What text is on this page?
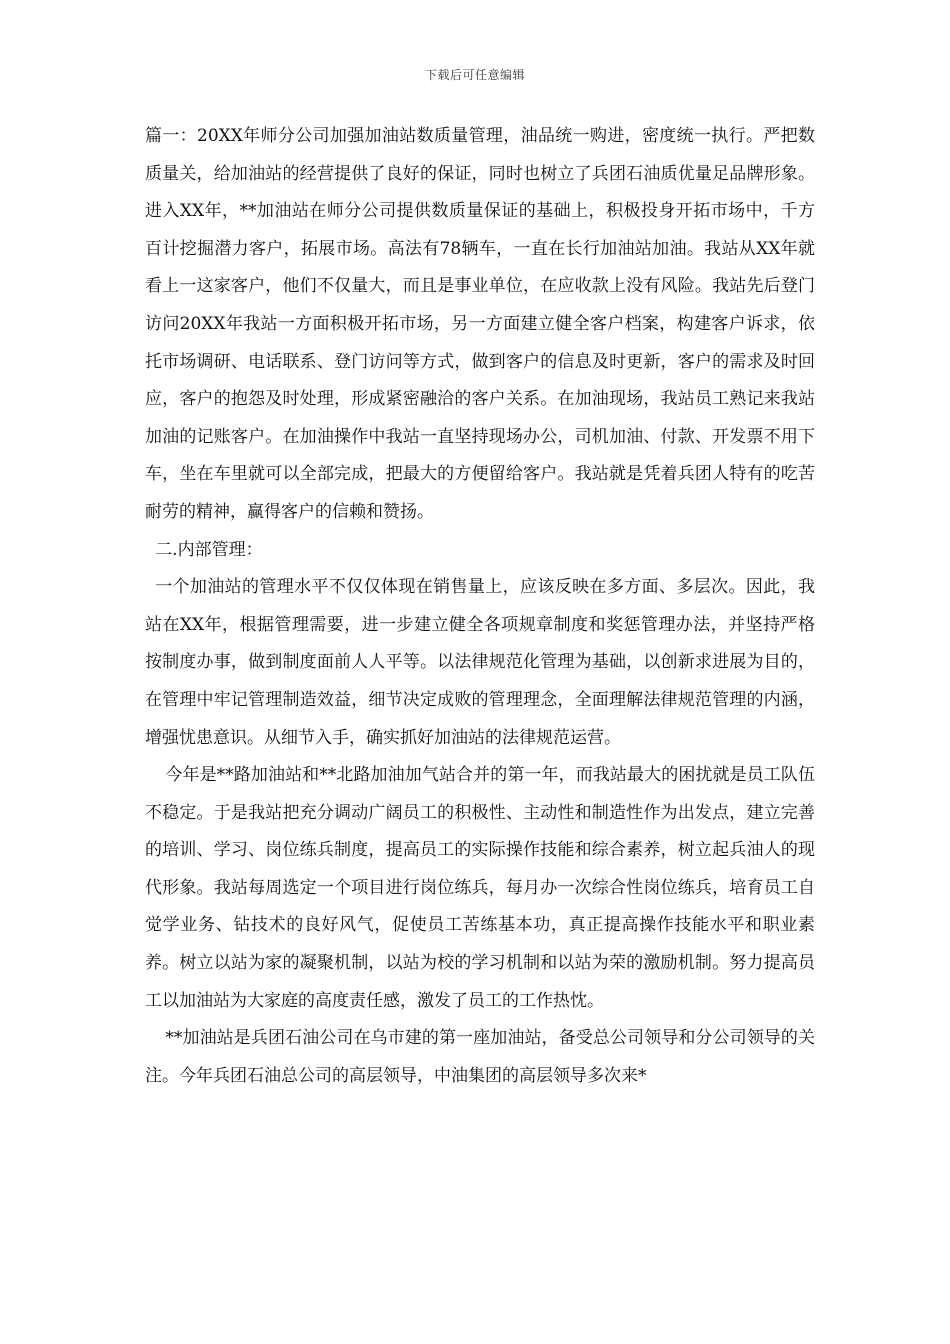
下载后可任意编辑

篇一：20XX年师分公司加强加油站数质量管理，油品统一购进，密度统一执行。严把数质量关，给加油站的经营提供了良好的保证，同时也树立了兵团石油质优量足品牌形象。 进入XX年，**加油站在师分公司提供数质量保证的基础上，积极投身开拓市场中，千方百计挖掘潜力客户，拓展市场。高法有78辆车，一直在长行加油站加油。我站从XX年就看上一这家客户，他们不仅量大，而且是事业单位，在应收款上没有风险。我站先后登门访问20XX年我站一方面积极开拓市场，另一方面建立健全客户档案，构建客户诉求，依托市场调研、电话联系、登门访问等方式，做到客户的信息及时更新，客户的需求及时回应，客户的抱怨及时处理，形成紧密融洽的客户关系。在加油现场，我站员工熟记来我站加油的记账客户。在加油操作中我站一直坚持现场办公，司机加油、付款、开发票不用下车，坐在车里就可以全部完成，把最大的方便留给客户。我站就是凭着兵团人特有的吃苦耐劳的精神，赢得客户的信赖和赞扬。

二.内部管理：

一个加油站的管理水平不仅仅体现在销售量上，应该反映在多方面、多层次。因此，我站在XX年，根据管理需要，进一步建立健全各项规章制度和奖惩管理办法，并坚持严格按制度办事，做到制度面前人人平等。以法律规范化管理为基础，以创新求进展为目的，在管理中牢记管理制造效益，细节决定成败的管理理念，全面理解法律规范管理的内涵，增强忧患意识。从细节入手，确实抓好加油站的法律规范运营。

今年是**路加油站和**北路加油加气站合并的第一年，而我站最大的困扰就是员工队伍不稳定。于是我站把充分调动广阔员工的积极性、主动性和制造性作为出发点，建立完善的培训、学习、岗位练兵制度，提高员工的实际操作技能和综合素养，树立起兵油人的现代形象。我站每周选定一个项目进行岗位练兵，每月办一次综合性岗位练兵，培育员工自觉学业务、钻技术的良好风气，促使员工苦练基本功，真正提高操作技能水平和职业素养。树立以站为家的凝聚机制，以站为校的学习机制和以站为荣的激励机制。努力提高员工以加油站为大家庭的高度责任感，激发了员工的工作热忱。

**加油站是兵团石油公司在乌市建的第一座加油站，备受总公司领导和分公司领导的关注。今年兵团石油总公司的高层领导，中油集团的高层领导多次来*
